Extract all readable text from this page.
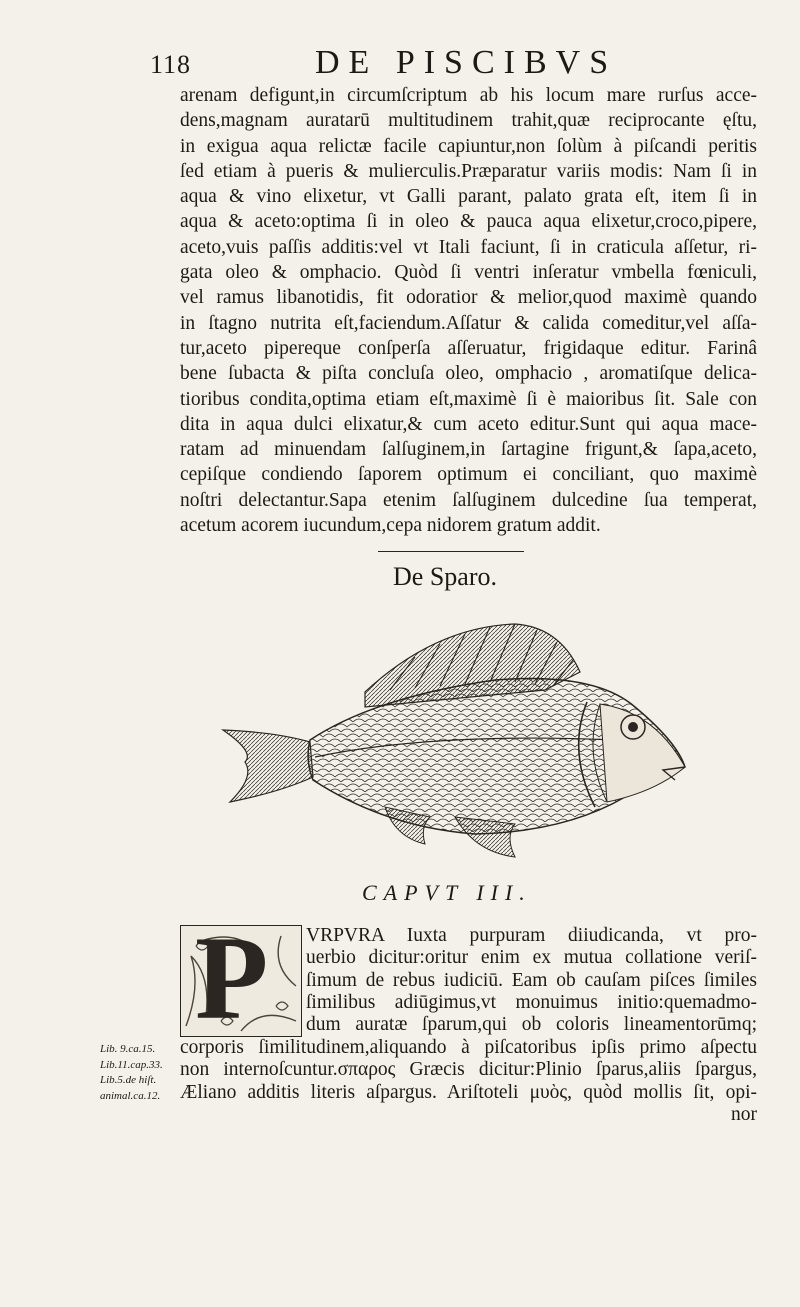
118	DE PISCIBVS
arenam defigunt,in circumſcriptum ab his locum mare rurſus acce-
dens,magnam auratarū multitudinem trahit,quæ reciprocante ęſtu,
in exigua aqua relictæ facile capiuntur,non ſolùm à piſcandi peritis
ſed etiam à pueris & mulierculis.Præparatur variis modis: Nam ſi in
aqua & vino elixetur, vt Galli parant, palato grata eſt, item ſi in
aqua & aceto:optima ſi in oleo & pauca aqua elixetur,croco,pipere,
aceto,vuis paſſis additis:vel vt Itali faciunt, ſi in craticula aſſetur, ri-
gata oleo & omphacio. Quòd ſi ventri inſeratur vmbella fœniculi,
vel ramus libanotidis, fit odoratior & melior,quod maximè quando
in ſtagno nutrita eſt,faciendum.Aſſatur & calida comeditur,vel aſſa-
tur,aceto pipereque conſperſa aſſeruatur, frigidaque editur. Farinâ
bene ſubacta & piſta concluſa oleo, omphacio , aromatiſque delica-
tioribus condita,optima etiam eſt,maximè ſi è maioribus ſit. Sale con
dita in aqua dulci elixatur,& cum aceto editur.Sunt qui aqua mace-
ratam ad minuendam ſalſuginem,in ſartagine frigunt,& ſapa,aceto,
cepiſque condiendo ſaporem optimum ei conciliant, quo maximè
noſtri delectantur.Sapa etenim ſalſuginem dulcedine ſua temperat,
acetum acorem iucundum,cepa nidorem gratum addit.
De Sparo.
CAPVT III.
P VRPVRA Iuxta purpuram diiudicanda, vt pro-
uerbio dicitur:oritur enim ex mutua collatione veriſ-
ſimum de rebus iudiciū. Eam ob cauſam piſces ſimiles
ſimilibus adiūgimus,vt monuimus initio:quemadmo-
dum auratæ ſparum,qui ob coloris lineamentorūmq;
corporis ſimilitudinem,aliquando à piſcatoribus ipſis primo aſpectu
non internoſcuntur.σπαρος Græcis dicitur:Plinio ſparus,aliis ſpargus,
Æliano additis literis aſpargus. Ariſtoteli μυὸς, quòd mollis ſit, opi-
nor
Lib. 9.ca.15.
Lib.11.cap.33.
Lib.5.de hiſt.
animal.ca.12.
